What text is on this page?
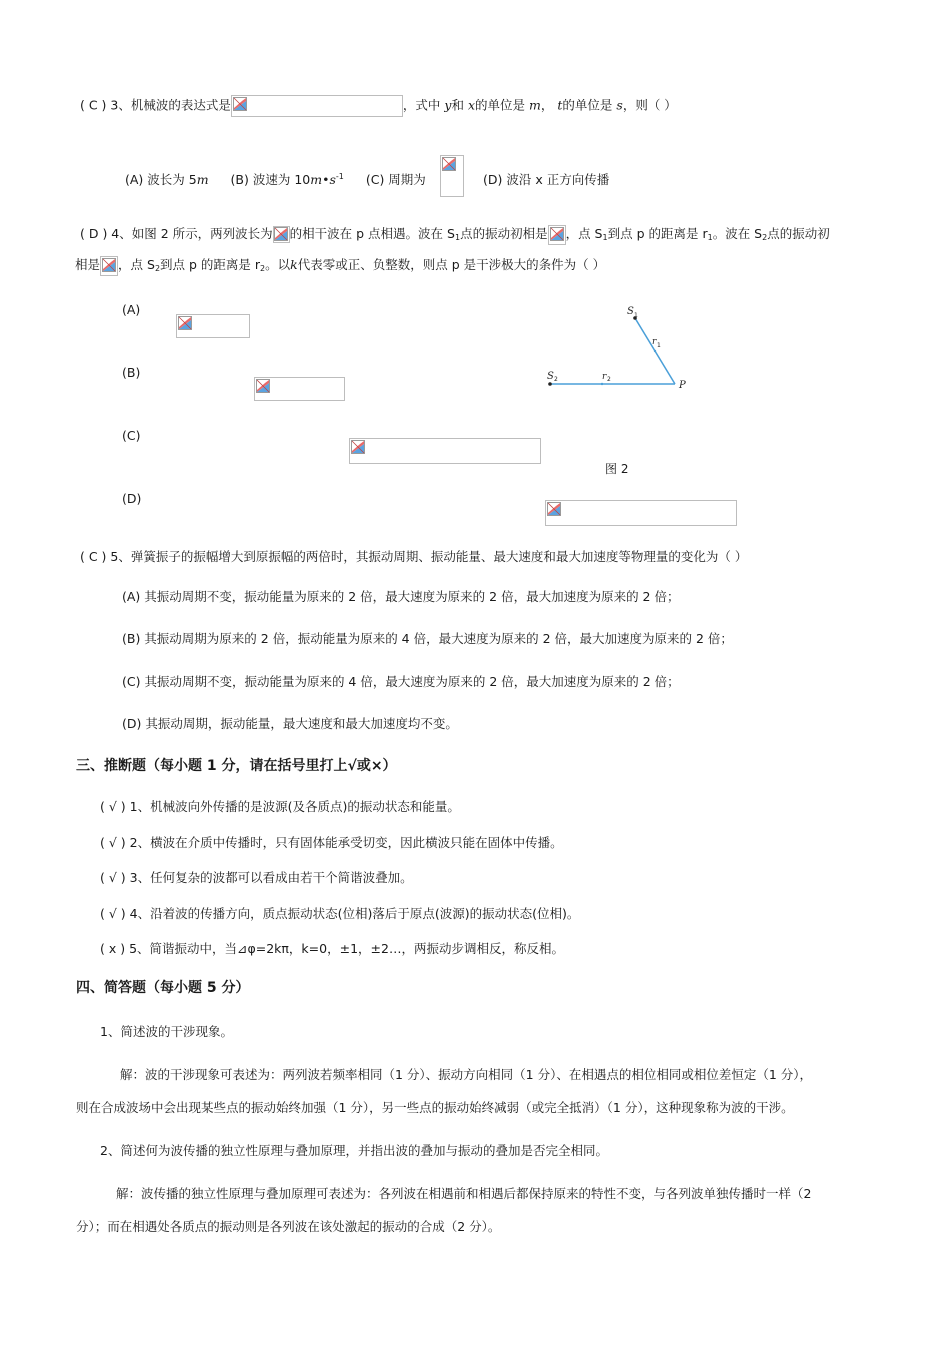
( C ) 3、机械波的表达式是	，式中 y和 x的单位是 m， t的单位是 s，则（ ）
(A) 波长为 5m (B) 波速为 $10m•s^{-1}$ (C) 周期为
	(D) 波沿 x 正方向传播
( D ) 4、如图 2 所示，两列波长为 的相干波在 p 点相遇。波在 $S_1$点的振动初相是 ，点 $S_1$到点 p 的距离是 $r_1$。波在 $S_2$点的振动初
相是 ，点 $S_2$到点 p 的距离是 $r_2$。以k代表零或正、负整数，则点 p 是干涉极大的条件为（ ）
(A)

(B)

(C)

(D)
S 1
r 1
S 2	r 2
P
图 2
( C ) 5、弹簧振子的振幅增大到原振幅的两倍时，其振动周期、振动能量、最大速度和最大加速度等物理量的变化为（ ）
(A) 其振动周期不变，振动能量为原来的 2 倍，最大速度为原来的 2 倍，最大加速度为原来的 2 倍；
(B) 其振动周期为原来的 2 倍，振动能量为原来的 4 倍，最大速度为原来的 2 倍，最大加速度为原来的 2 倍；
(C) 其振动周期不变，振动能量为原来的 4 倍，最大速度为原来的 2 倍，最大加速度为原来的 2 倍；
(D) 其振动周期，振动能量，最大速度和最大加速度均不变。
三、推断题（每小题 1 分，请在括号里打上√或×）
( √ ) 1、机械波向外传播的是波源(及各质点)的振动状态和能量。
( √ ) 2、横波在介质中传播时，只有固体能承受切变，因此横波只能在固体中传播。
( √ ) 3、任何复杂的波都可以看成由若干个简谐波叠加。
( √ ) 4、沿着波的传播方向，质点振动状态(位相)落后于原点(波源)的振动状态(位相)。
( x ) 5、简谐振动中，当⊿φ=2kπ，k=0，±1，±2…，两振动步调相反，称反相。
四、简答题（每小题 5 分）
1、简述波的干涉现象。
解：波的干涉现象可表述为：两列波若频率相同（1 分）、振动方向相同（1 分）、在相遇点的相位相同或相位差恒定（1 分），
则在合成波场中会出现某些点的振动始终加强（1 分），另一些点的振动始终减弱（或完全抵消）（1 分），这种现象称为波的干涉。
2、简述何为波传播的独立性原理与叠加原理，并指出波的叠加与振动的叠加是否完全相同。
解：波传播的独立性原理与叠加原理可表述为：各列波在相遇前和相遇后都保持原来的特性不变，与各列波单独传播时一样（2
分）；而在相遇处各质点的振动则是各列波在该处激起的振动的合成（2 分）。
